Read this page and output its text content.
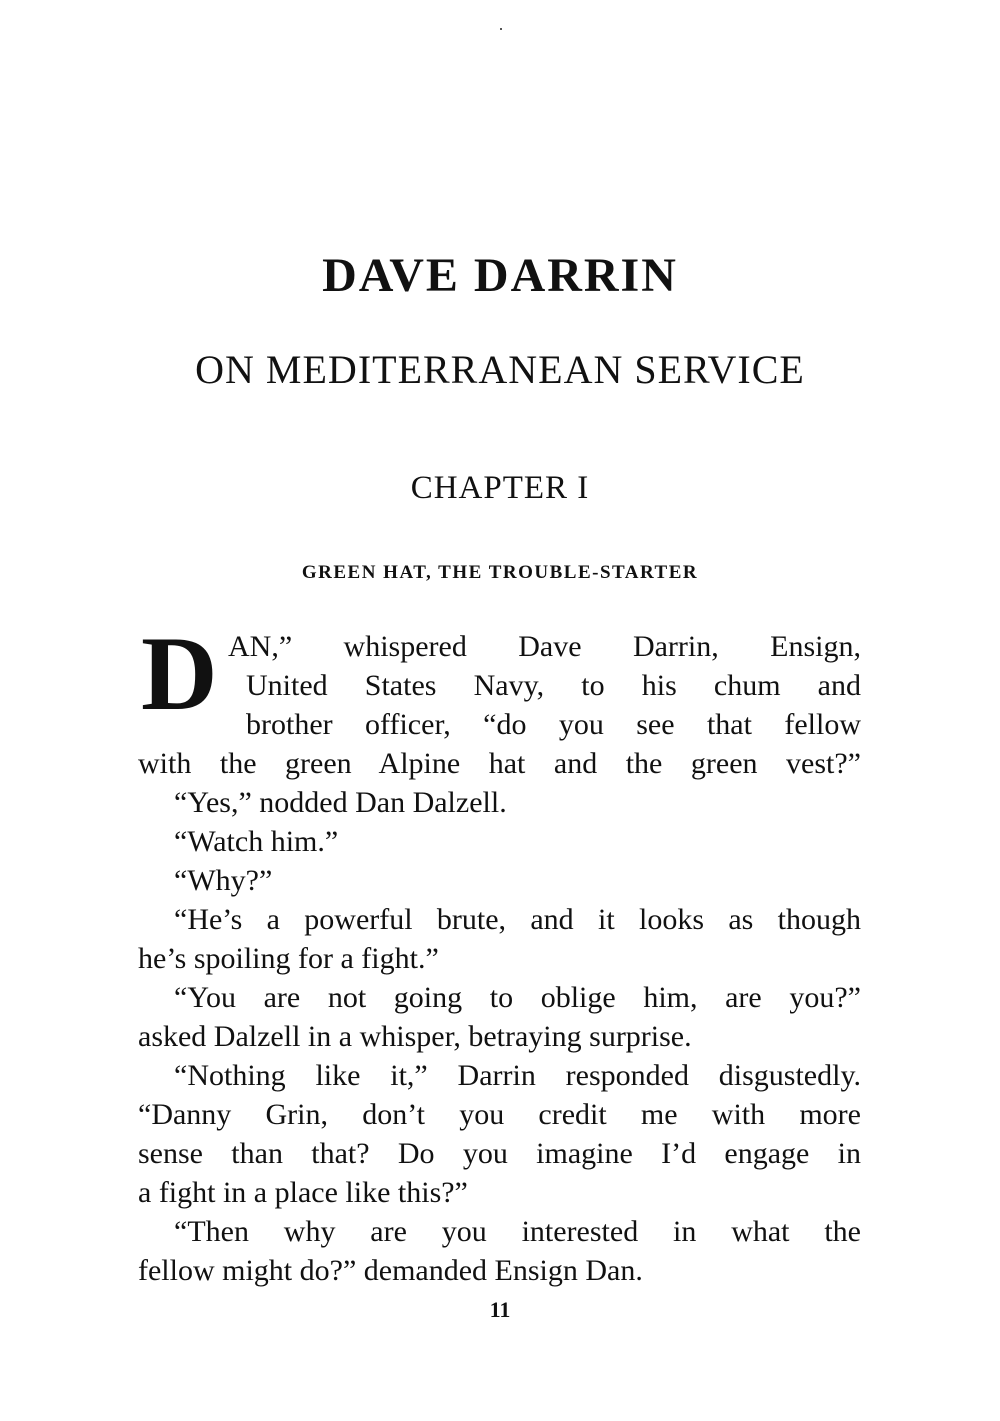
DAVE DARRIN
ON MEDITERRANEAN SERVICE
CHAPTER I
GREEN HAT, THE TROUBLE-STARTER
D AN,” whispered Dave Darrin, Ensign,
United States Navy, to his chum and
brother officer, “do you see that fellow
with the green Alpine hat and the green vest?”
“Yes,” nodded Dan Dalzell.
“Watch him.”
“Why?”
“He’s a powerful brute, and it looks as though
he’s spoiling for a fight.”
“You are not going to oblige him, are you?”
asked Dalzell in a whisper, betraying surprise.
“Nothing like it,” Darrin responded disgustedly.
“Danny Grin, don’t you credit me with more
sense than that? Do you imagine I’d engage in
a fight in a place like this?”
“Then why are you interested in what the
fellow might do?” demanded Ensign Dan.
11
